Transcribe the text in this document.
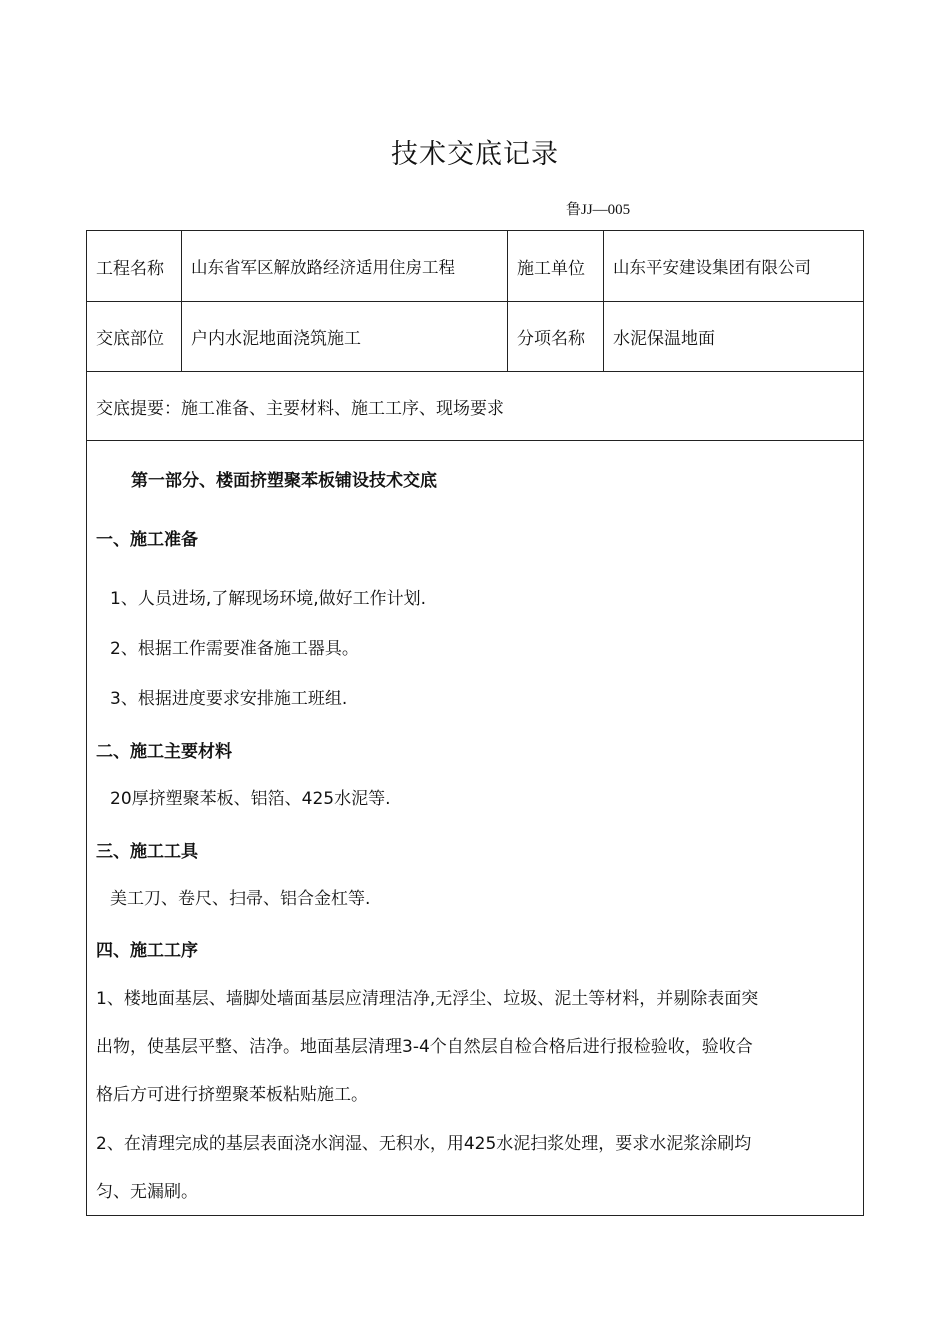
技术交底记录
鲁JJ—005
工程名称	山东省军区解放路经济适用住房工程	施工单位	山东平安建设集团有限公司
交底部位	户内水泥地面浇筑施工	分项名称	水泥保温地面
交底提要：施工准备、主要材料、施工工序、现场要求
第一部分、楼面挤塑聚苯板铺设技术交底
一、施工准备
1、人员进场,了解现场环境,做好工作计划.
2、根据工作需要准备施工器具。
3、根据进度要求安排施工班组.
二、施工主要材料
20厚挤塑聚苯板、铝箔、425水泥等.
三、施工工具
美工刀、卷尺、扫帚、铝合金杠等.
四、施工工序
1、楼地面基层、墙脚处墙面基层应清理洁净,无浮尘、垃圾、泥土等材料，并剔除表面突
出物，使基层平整、洁净。地面基层清理3-4个自然层自检合格后进行报检验收，验收合
格后方可进行挤塑聚苯板粘贴施工。
2、在清理完成的基层表面浇水润湿、无积水，用425水泥扫浆处理，要求水泥浆涂刷均
匀、无漏刷。
